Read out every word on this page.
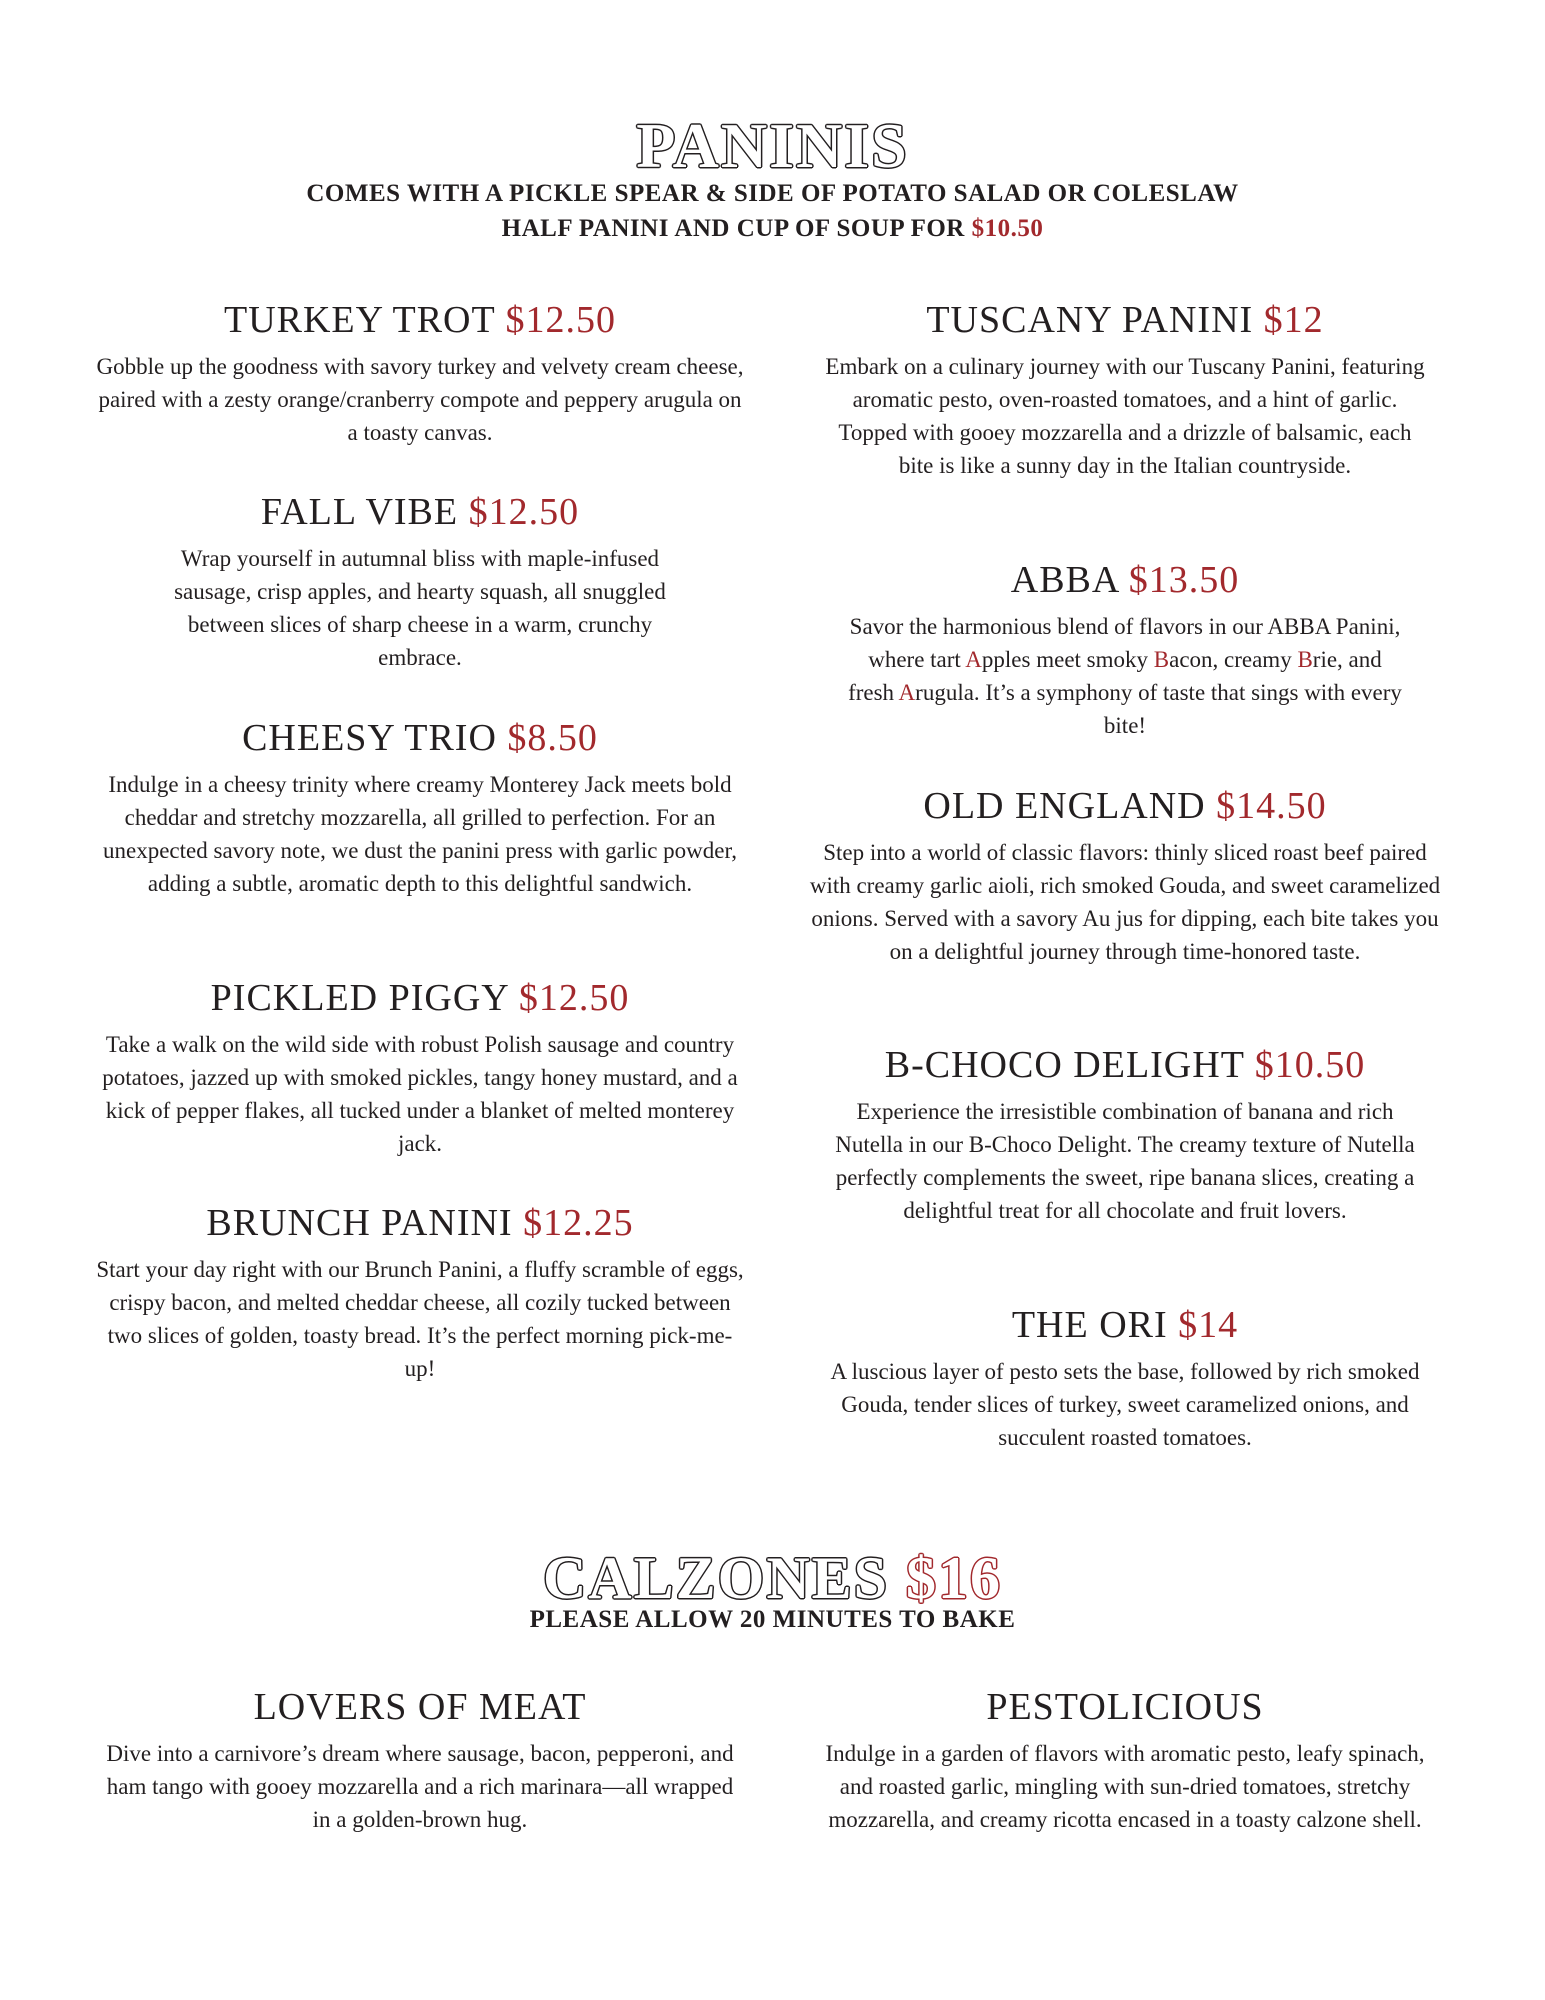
PANINIS

COMES WITH A PICKLE SPEAR & SIDE OF POTATO SALAD OR COLESLAW

HALF PANINI AND CUP OF SOUP FOR $10.50

TURKEY TROT $12.50

Gobble up the goodness with savory turkey and velvety cream cheese, paired with a zesty orange/cranberry compote and peppery arugula on a toasty canvas.

FALL VIBE $12.50

Wrap yourself in autumnal bliss with maple-infused sausage, crisp apples, and hearty squash, all snuggled between slices of sharp cheese in a warm, crunchy embrace.

CHEESY TRIO $8.50

Indulge in a cheesy trinity where creamy Monterey Jack meets bold cheddar and stretchy mozzarella, all grilled to perfection. For an unexpected savory note, we dust the panini press with garlic powder, adding a subtle, aromatic depth to this delightful sandwich.

PICKLED PIGGY $12.50

Take a walk on the wild side with robust Polish sausage and country potatoes, jazzed up with smoked pickles, tangy honey mustard, and a kick of pepper flakes, all tucked under a blanket of melted monterey jack.

BRUNCH PANINI $12.25

Start your day right with our Brunch Panini, a fluffy scramble of eggs, crispy bacon, and melted cheddar cheese, all cozily tucked between two slices of golden, toasty bread. It’s the perfect morning pick-me-up!

TUSCANY PANINI $12

Embark on a culinary journey with our Tuscany Panini, featuring aromatic pesto, oven-roasted tomatoes, and a hint of garlic. Topped with gooey mozzarella and a drizzle of balsamic, each bite is like a sunny day in the Italian countryside.

ABBA $13.50

Savor the harmonious blend of flavors in our ABBA Panini, where tart Apples meet smoky Bacon, creamy Brie, and fresh Arugula. It’s a symphony of taste that sings with every bite!

OLD ENGLAND $14.50

Step into a world of classic flavors: thinly sliced roast beef paired with creamy garlic aioli, rich smoked Gouda, and sweet caramelized onions. Served with a savory Au jus for dipping, each bite takes you on a delightful journey through time-honored taste.

B-CHOCO DELIGHT $10.50

Experience the irresistible combination of banana and rich Nutella in our B-Choco Delight. The creamy texture of Nutella perfectly complements the sweet, ripe banana slices, creating a delightful treat for all chocolate and fruit lovers.

THE ORI $14

A luscious layer of pesto sets the base, followed by rich smoked Gouda, tender slices of turkey, sweet caramelized onions, and succulent roasted tomatoes.

CALZONES $16

PLEASE ALLOW 20 MINUTES TO BAKE

LOVERS OF MEAT

Dive into a carnivore’s dream where sausage, bacon, pepperoni, and ham tango with gooey mozzarella and a rich marinara—all wrapped in a golden-brown hug.

PESTOLICIOUS

Indulge in a garden of flavors with aromatic pesto, leafy spinach, and roasted garlic, mingling with sun-dried tomatoes, stretchy mozzarella, and creamy ricotta encased in a toasty calzone shell.
